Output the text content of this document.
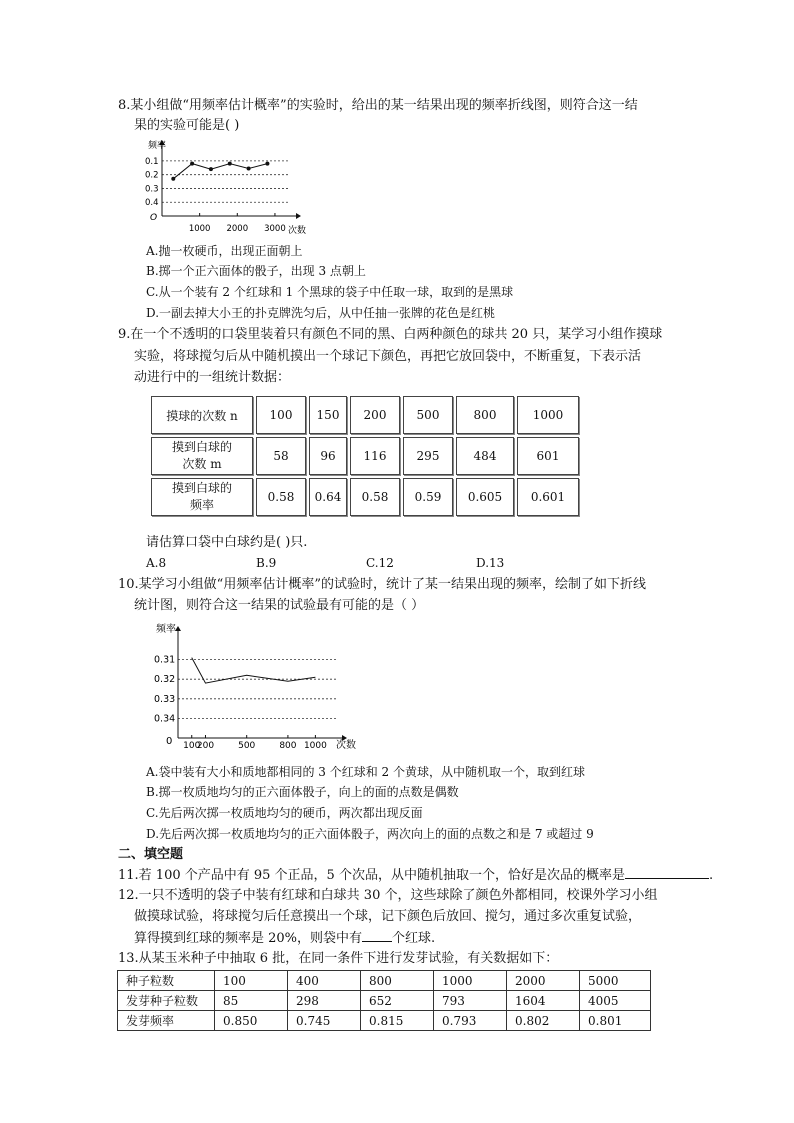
8.某小组做“用频率估计概率”的实验时，给出的某一结果出现的频率折线图，则符合这一结
果的实验可能是( )
频率
次数
O
0.4
0.3
0.2
0.1
1000 2000 3000
A.抛一枚硬币，出现正面朝上
B.掷一个正六面体的骰子，出现 3 点朝上
C.从一个装有 2 个红球和 1 个黑球的袋子中任取一球，取到的是黑球
D.一副去掉大小王的扑克牌洗匀后，从中任抽一张牌的花色是红桃
9.在一个不透明的口袋里装着只有颜色不同的黑、白两种颜色的球共 20 只，某学习小组作摸球
实验，将球搅匀后从中随机摸出一个球记下颜色，再把它放回袋中，不断重复，下表示活
动进行中的一组统计数据：
摸球的次数 n	100	150	200	500	800	1000
摸到白球的
次数 m	58	96	116	295	484	601
摸到白球的
频率	0.58	0.64	0.58	0.59	0.605	0.601
请估算口袋中白球约是( )只.
A.8	B.9	C.12	D.13
10.某学习小组做“用频率估计概率”的试验时，统计了某一结果出现的频率，绘制了如下折线
统计图，则符合这一结果的试验最有可能的是（ ）
频率
次数
0
0.34
0.33
0.32
0.31
100
200	500	800 1000
A.袋中装有大小和质地都相同的 3 个红球和 2 个黄球，从中随机取一个，取到红球
B.掷一枚质地均匀的正六面体骰子，向上的面的点数是偶数
C.先后两次掷一枚质地均匀的硬币，两次都出现反面
D.先后两次掷一枚质地均匀的正六面体骰子，两次向上的面的点数之和是 7 或超过 9
二、填空题
11.若 100 个产品中有 95 个正品，5 个次品，从中随机抽取一个，恰好是次品的概率是	.
12.一只不透明的袋子中装有红球和白球共 30 个，这些球除了颜色外都相同，校课外学习小组
做摸球试验，将球搅匀后任意摸出一个球，记下颜色后放回、搅匀，通过多次重复试验，
算得摸到红球的频率是 20%，则袋中有 个红球.
13.从某玉米种子中抽取 6 批，在同一条件下进行发芽试验，有关数据如下：
种子粒数	100	400	800	1000	2000	5000
发芽种子粒数	85	298	652	793	1604	4005
发芽频率	0.850	0.745	0.815	0.793	0.802	0.801
